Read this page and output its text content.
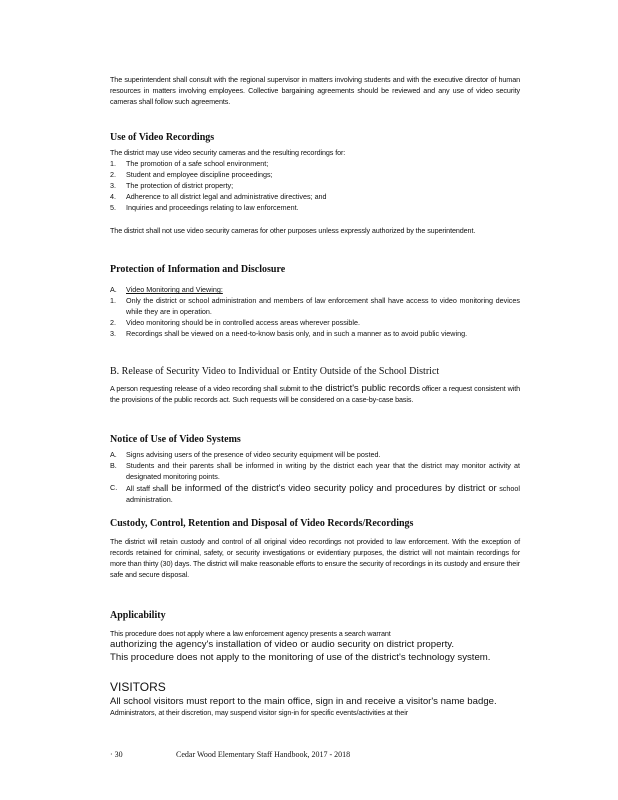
The superintendent shall consult with the regional supervisor in matters involving students and with the executive director of human resources in matters involving employees. Collective bargaining agreements should be reviewed and any use of video security cameras shall follow such agreements.

Use of Video Recordings

The district may use video security cameras and the resulting recordings for:

1.	The promotion of a safe school environment;
2.	Student and employee discipline proceedings;
3.	The protection of district property;
4.	Adherence to all district legal and administrative directives; and
5.	Inquiries and proceedings relating to law enforcement.

The district shall not use video security cameras for other purposes unless expressly authorized by the superintendent.

Protection of Information and Disclosure

A.	Video Monitoring and Viewing:
1.	Only the district or school administration and members of law enforcement shall have access to video monitoring devices while they are in operation.
2.	Video monitoring should be in controlled access areas wherever possible.
3.	Recordings shall be viewed on a need-to-know basis only, and in such a manner as to avoid public viewing.

B. Release of Security Video to Individual or Entity Outside of the School District

A person requesting release of a video recording shall submit to the district's public records officer a request consistent with the provisions of the public records act. Such requests will be considered on a case-by-case basis.

Notice of Use of Video Systems

A.	Signs advising users of the presence of video security equipment will be posted.
B.	Students and their parents shall be informed in writing by the district each year that the district may monitor activity at designated monitoring points.
C.	All staff shall be informed of the district's video security policy and procedures by district or school administration.

Custody, Control, Retention and Disposal of Video Records/Recordings

The district will retain custody and control of all original video recordings not provided to law enforcement. With the exception of records retained for criminal, safety, or security investigations or evidentiary purposes, the district will not maintain recordings for more than thirty (30) days. The district will make reasonable efforts to ensure the security of recordings in its custody and ensure their safe and secure disposal.

Applicability

This procedure does not apply where a law enforcement agency presents a search warrant

authorizing the agency's installation of video or audio security on district property.

This procedure does not apply to the monitoring of use of the district's technology system.

VISITORS

All school visitors must report to the main office, sign in and receive a visitor's name badge.

Administrators, at their discretion, may suspend visitor sign-in for specific events/activities at their

· 30	Cedar Wood Elementary Staff Handbook, 2017 - 2018
